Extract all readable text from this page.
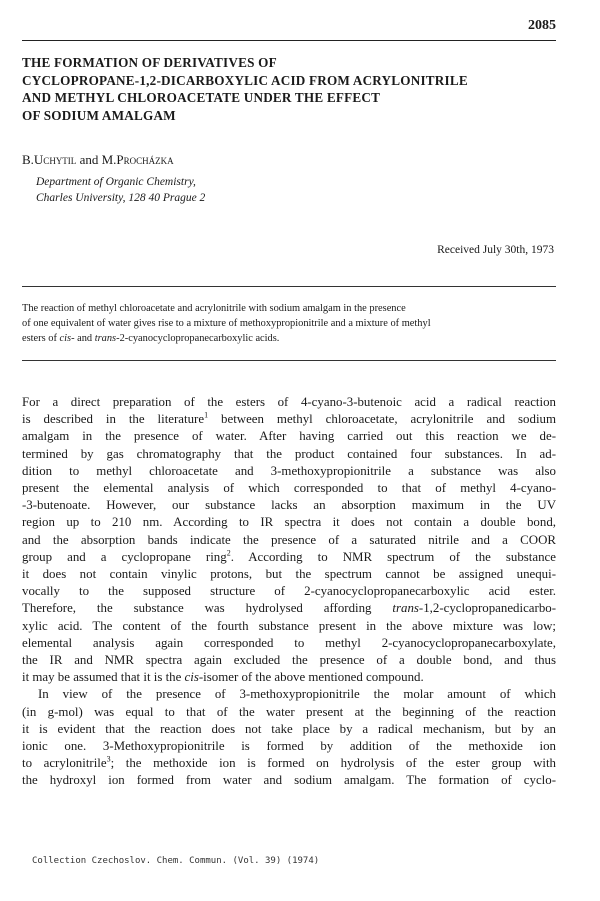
2085
THE FORMATION OF DERIVATIVES OF
CYCLOPROPANE-1,2-DICARBOXYLIC ACID FROM ACRYLONITRILE
AND METHYL CHLOROACETATE UNDER THE EFFECT
OF SODIUM AMALGAM
B.Uchytil and M.Procházka
Department of Organic Chemistry,
Charles University, 128 40 Prague 2
Received July 30th, 1973
The reaction of methyl chloroacetate and acrylonitrile with sodium amalgam in the presence
of one equivalent of water gives rise to a mixture of methoxypropionitrile and a mixture of methyl
esters of cis- and trans-2-cyanocyclopropanecarboxylic acids.
For a direct preparation of the esters of 4-cyano-3-butenoic acid a radical reaction
is described in the literature$^1$ between methyl chloroacetate, acrylonitrile and sodium
amalgam in the presence of water. After having carried out this reaction we de-
termined by gas chromatography that the product contained four substances. In ad-
dition to methyl chloroacetate and 3-methoxypropionitrile a substance was also
present the elemental analysis of which corresponded to that of methyl 4-cyano-
-3-butenoate. However, our substance lacks an absorption maximum in the UV
region up to 210 nm. According to IR spectra it does not contain a double bond,
and the absorption bands indicate the presence of a saturated nitrile and a COOR
group and a cyclopropane ring$^2$. According to NMR spectrum of the substance
it does not contain vinylic protons, but the spectrum cannot be assigned unequi-
vocally to the supposed structure of 2-cyanocyclopropanecarboxylic acid ester.
Therefore, the substance was hydrolysed affording trans-1,2-cyclopropanedicarbo-
xylic acid. The content of the fourth substance present in the above mixture was low;
elemental analysis again corresponded to methyl 2-cyanocyclopropanecarboxylate,
the IR and NMR spectra again excluded the presence of a double bond, and thus
it may be assumed that it is the cis-isomer of the above mentioned compound.
In view of the presence of 3-methoxypropionitrile the molar amount of which
(in g-mol) was equal to that of the water present at the beginning of the reaction
it is evident that the reaction does not take place by a radical mechanism, but by an
ionic one. 3-Methoxypropionitrile is formed by addition of the methoxide ion
to acrylonitrile$^3$; the methoxide ion is formed on hydrolysis of the ester group with
the hydroxyl ion formed from water and sodium amalgam. The formation of cyclo-
Collection Czechoslov. Chem. Commun. (Vol. 39) (1974)
